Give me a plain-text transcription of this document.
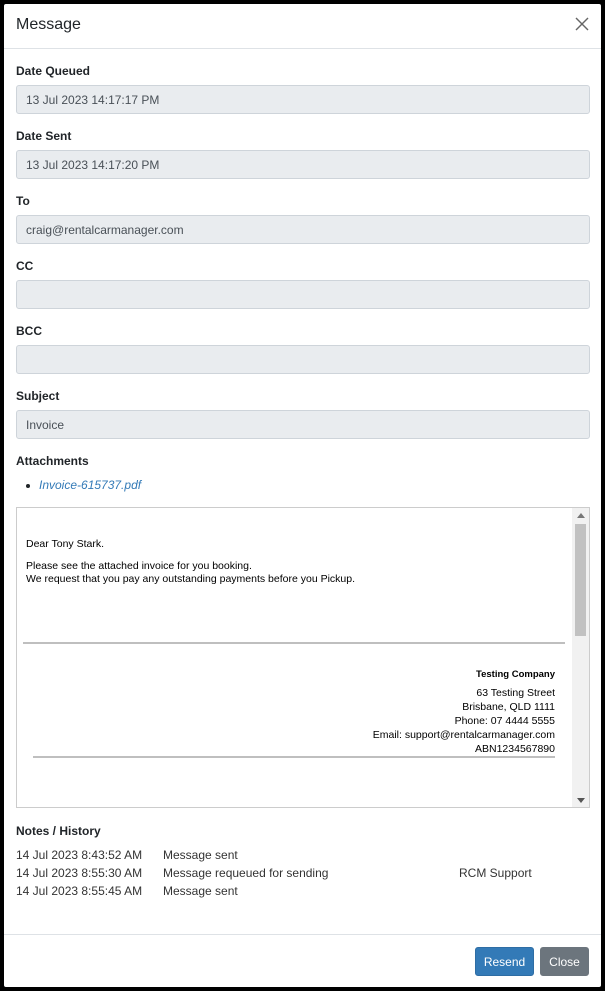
Message
Date Queued
13 Jul 2023 14:17:17 PM
Date Sent
13 Jul 2023 14:17:20 PM
To
craig@rentalcarmanager.com
CC
BCC
Subject
Invoice
Attachments
Invoice-615737.pdf

Dear Tony Stark.

Please see the attached invoice for you booking.

We request that you pay any outstanding payments before you Pickup.

Testing Company
63 Testing Street
Brisbane, QLD 1111
Phone: 07 4444 5555
Email: support@rentalcarmanager.com
ABN1234567890
Notes / History
14 Jul 2023 8:43:52 AM Message sent
14 Jul 2023 8:55:30 AM Message requeued for sending	RCM Support
14 Jul 2023 8:55:45 AM Message sent
Resend	Close
